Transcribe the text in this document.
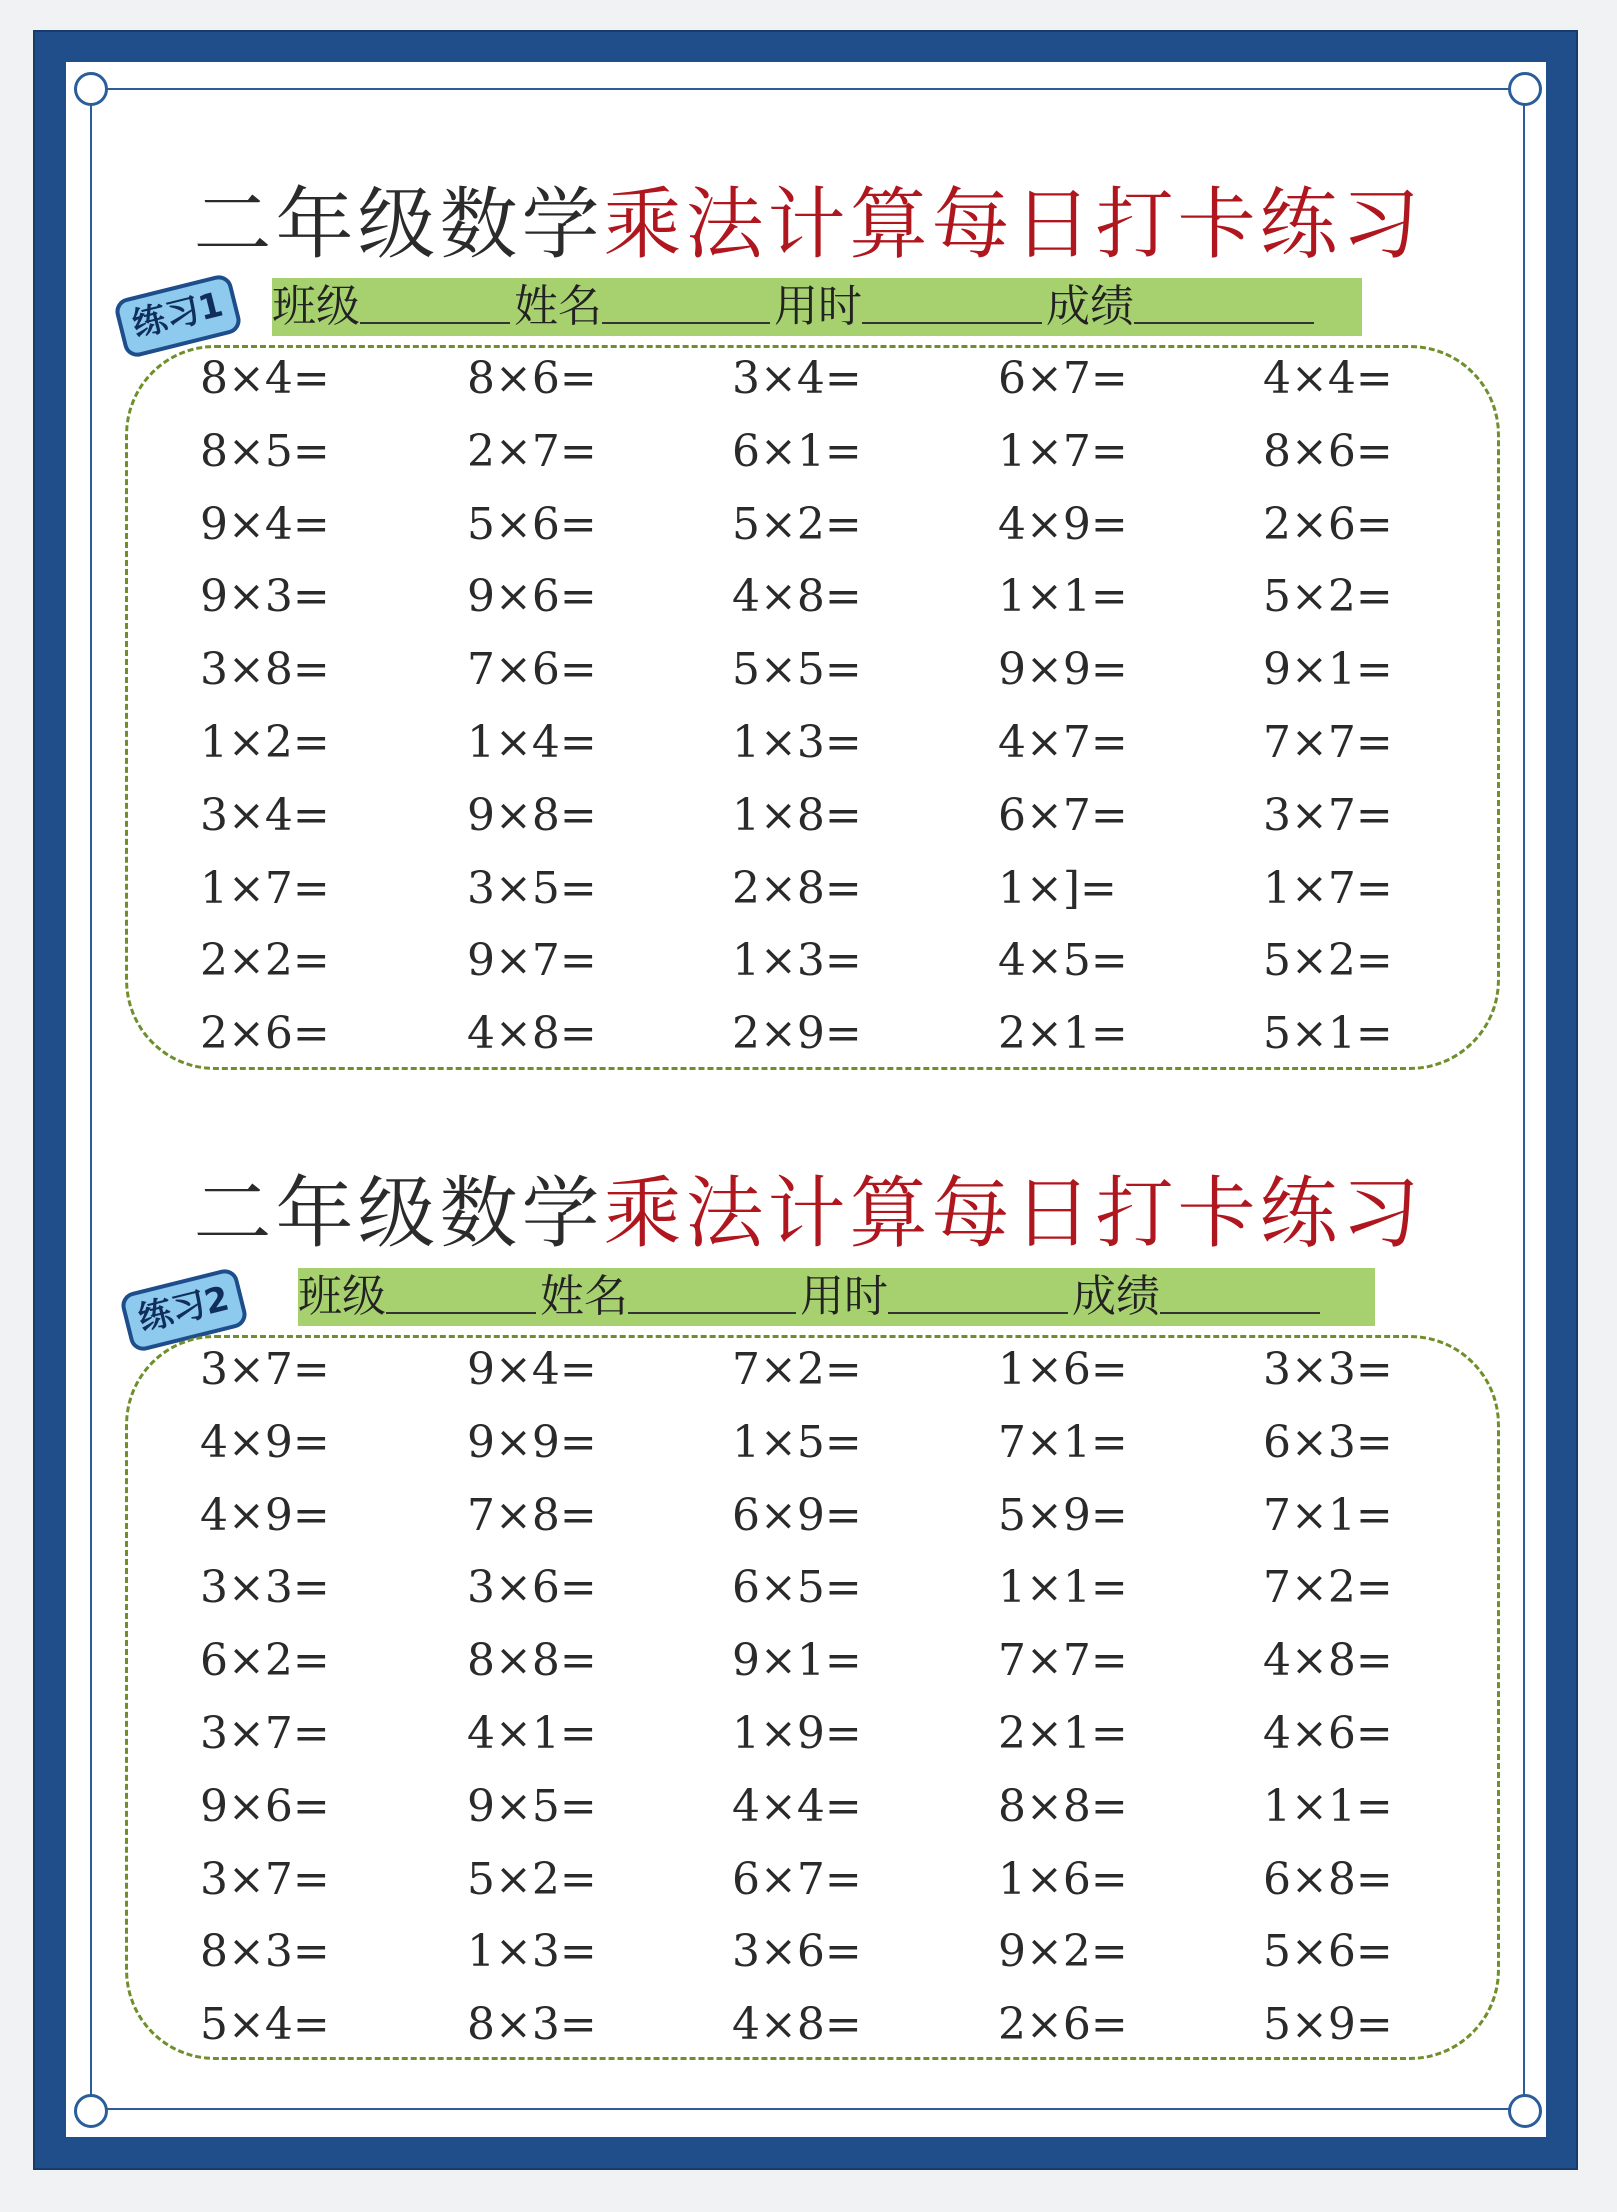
二年级数学乘法计算每日打卡练习
练习1	班级	姓名	用时	成绩
二年级数学乘法计算每日打卡练习
练习2	班级	姓名	用时	成绩
8×4=	8×6=	3×4=	6×7=	4×4=
8×5=	2×7=	6×1=	1×7=	8×6=
9×4=	5×6=	5×2=	4×9=	2×6=
9×3=	9×6=	4×8=	1×1=	5×2=
3×8=	7×6=	5×5=	9×9=	9×1=
1×2=	1×4=	1×3=	4×7=	7×7=
3×4=	9×8=	1×8=	6×7=	3×7=
1×7=	3×5=	2×8=	1×]=	1×7=
2×2=	9×7=	1×3=	4×5=	5×2=
2×6=	4×8=	2×9=	2×1=	5×1=
3×7=	9×4=	7×2=	1×6=	3×3=
4×9=	9×9=	1×5=	7×1=	6×3=
4×9=	7×8=	6×9=	5×9=	7×1=
3×3=	3×6=	6×5=	1×1=	7×2=
6×2=	8×8=	9×1=	7×7=	4×8=
3×7=	4×1=	1×9=	2×1=	4×6=
9×6=	9×5=	4×4=	8×8=	1×1=
3×7=	5×2=	6×7=	1×6=	6×8=
8×3=	1×3=	3×6=	9×2=	5×6=
5×4=	8×3=	4×8=	2×6=	5×9=
